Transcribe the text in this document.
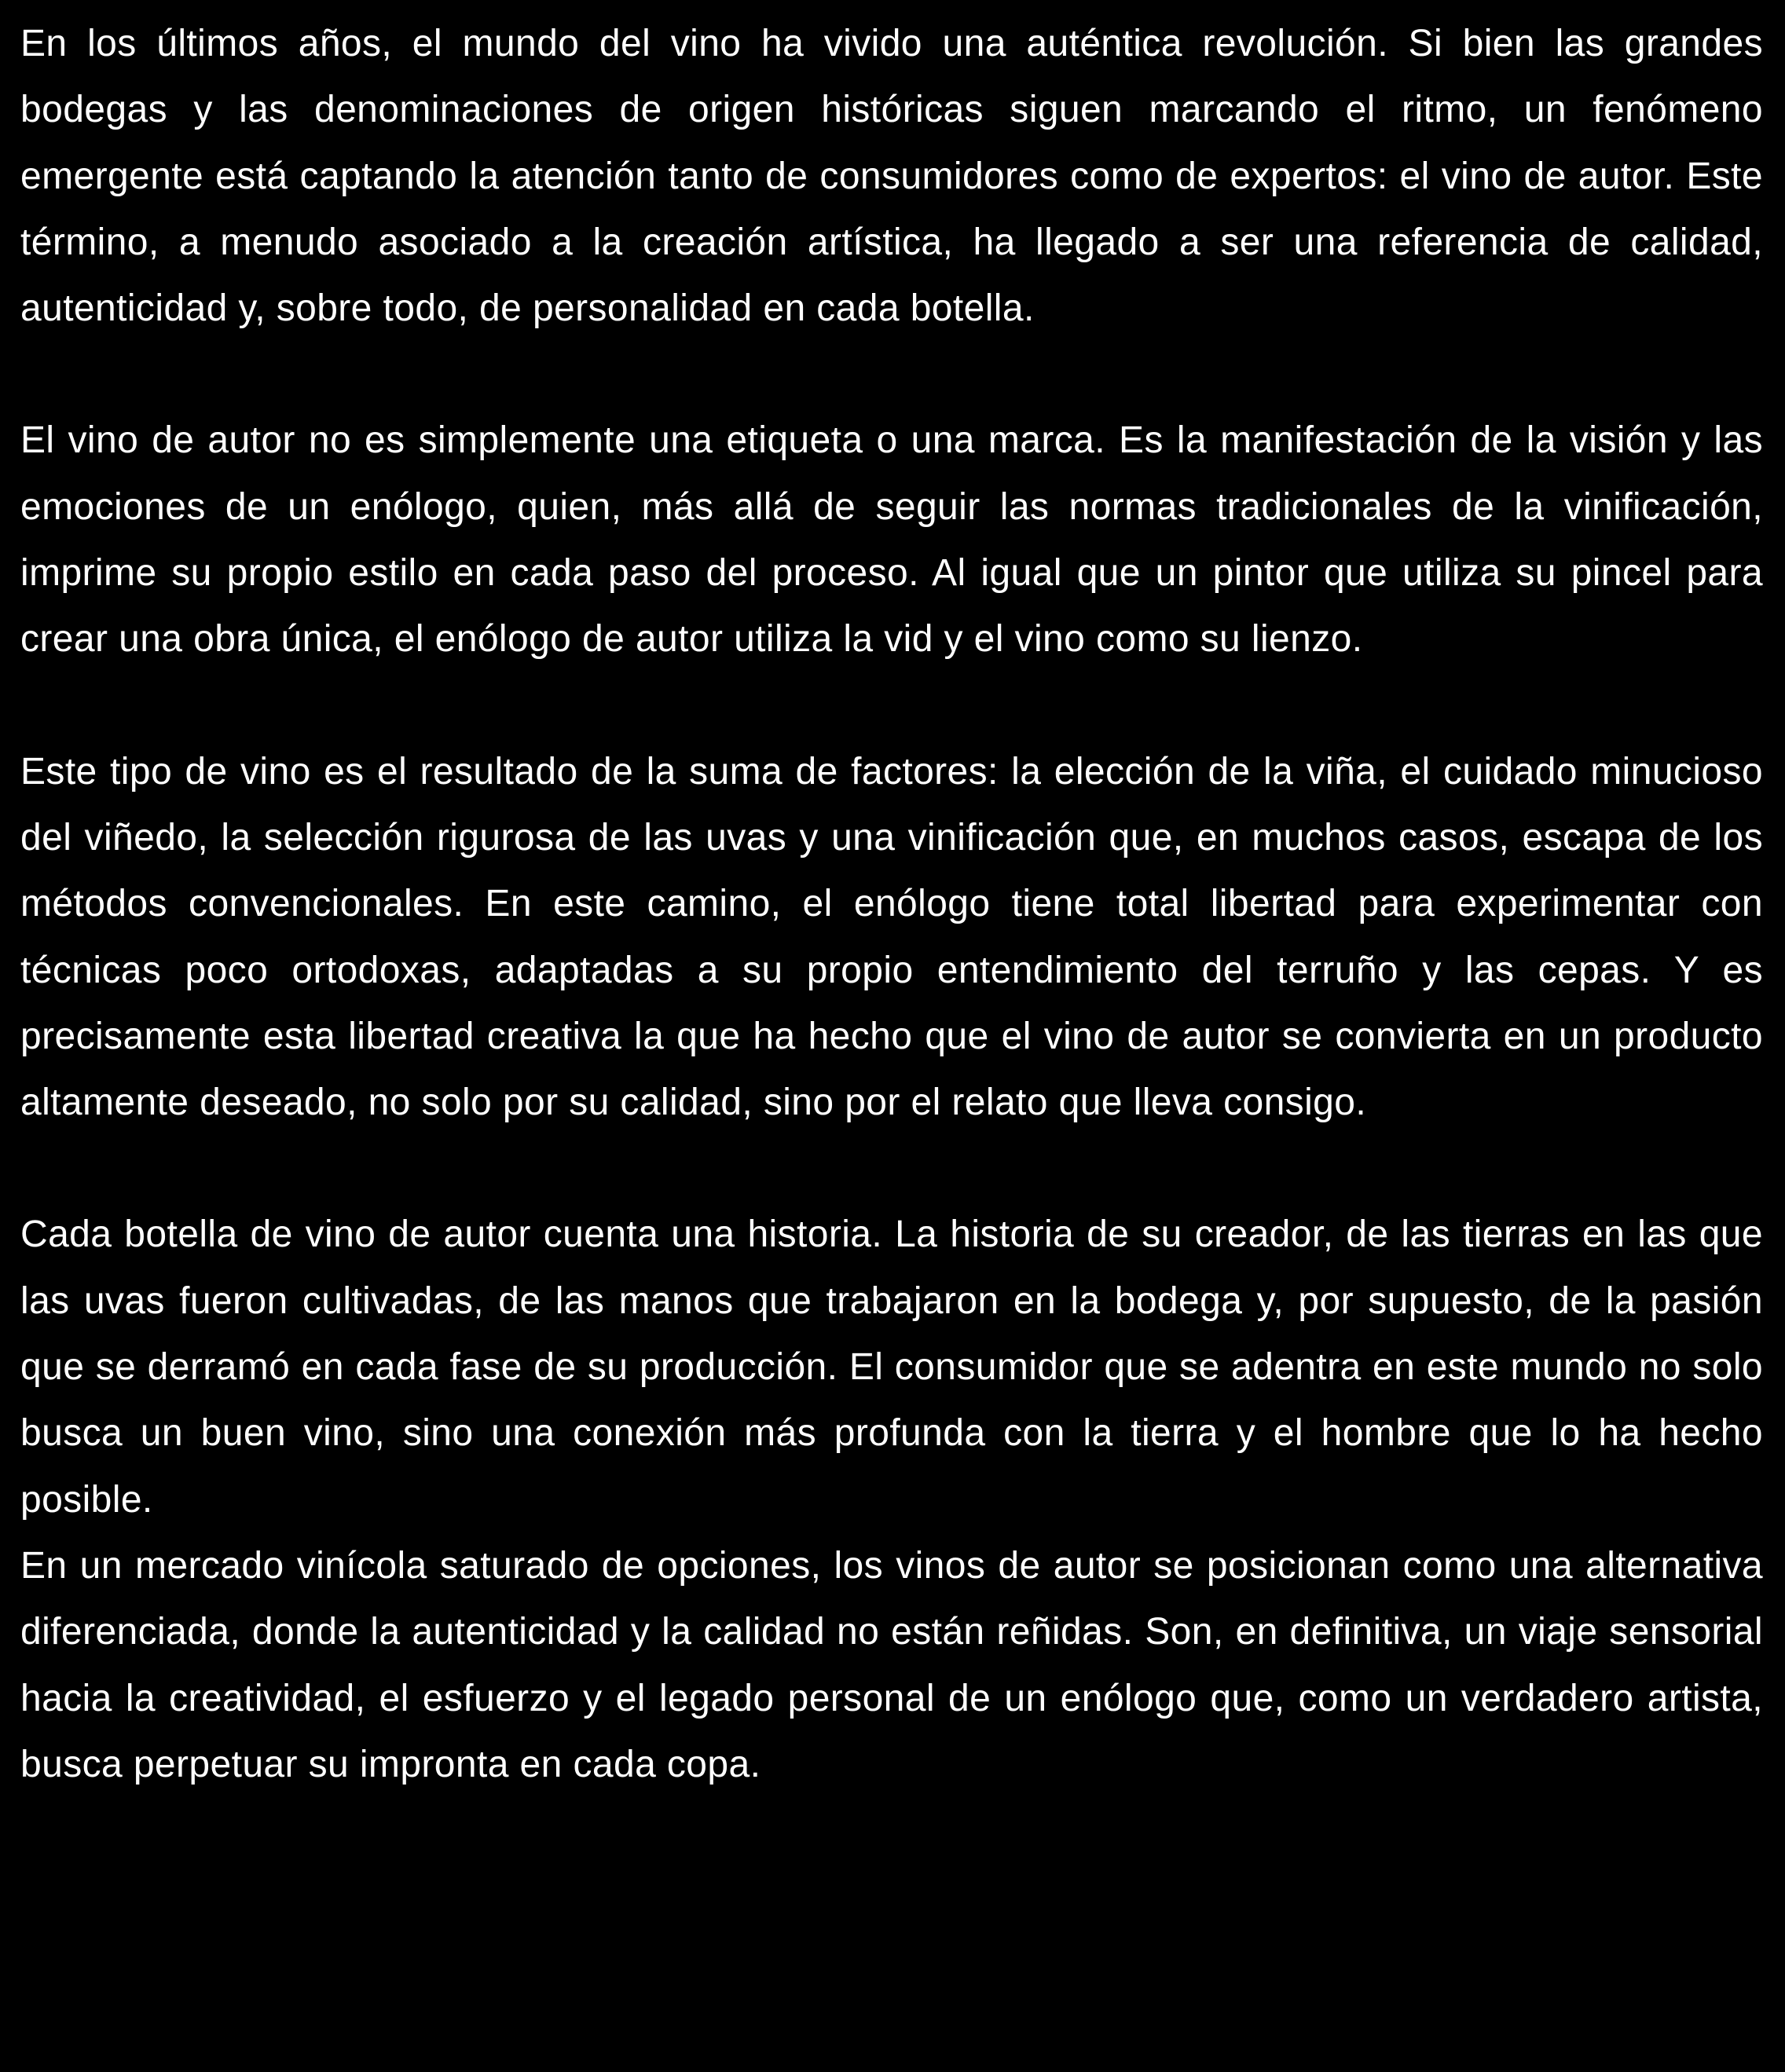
En los últimos años, el mundo del vino ha vivido una auténtica revolución. Si bien las grandes bodegas y las denominaciones de origen históricas siguen marcando el ritmo, un fenómeno emergente está captando la atención tanto de consumidores como de expertos: el vino de autor. Este término, a menudo asociado a la creación artística, ha llegado a ser una referencia de calidad, autenticidad y, sobre todo, de personalidad en cada botella.

El vino de autor no es simplemente una etiqueta o una marca. Es la manifestación de la visión y las emociones de un enólogo, quien, más allá de seguir las normas tradicionales de la vinificación, imprime su propio estilo en cada paso del proceso. Al igual que un pintor que utiliza su pincel para crear una obra única, el enólogo de autor utiliza la vid y el vino como su lienzo.

Este tipo de vino es el resultado de la suma de factores: la elección de la viña, el cuidado minucioso del viñedo, la selección rigurosa de las uvas y una vinificación que, en muchos casos, escapa de los métodos convencionales. En este camino, el enólogo tiene total libertad para experimentar con técnicas poco ortodoxas, adaptadas a su propio entendimiento del terruño y las cepas. Y es precisamente esta libertad creativa la que ha hecho que el vino de autor se convierta en un producto altamente deseado, no solo por su calidad, sino por el relato que lleva consigo.

Cada botella de vino de autor cuenta una historia. La historia de su creador, de las tierras en las que las uvas fueron cultivadas, de las manos que trabajaron en la bodega y, por supuesto, de la pasión que se derramó en cada fase de su producción. El consumidor que se adentra en este mundo no solo busca un buen vino, sino una conexión más profunda con la tierra y el hombre que lo ha hecho posible.

En un mercado vinícola saturado de opciones, los vinos de autor se posicionan como una alternativa diferenciada, donde la autenticidad y la calidad no están reñidas. Son, en definitiva, un viaje sensorial hacia la creatividad, el esfuerzo y el legado personal de un enólogo que, como un verdadero artista, busca perpetuar su impronta en cada copa.
